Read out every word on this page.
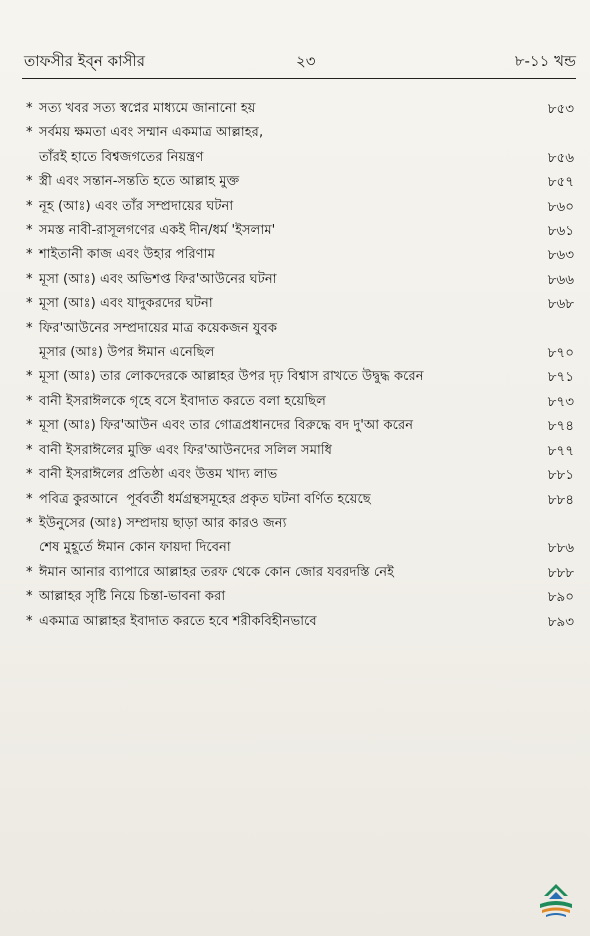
তাফসীর ইব্‌ন কাসীর	২৩	৮-১১ খন্ড
* সত্য খবর সত্য স্বপ্নের মাধ্যমে জানানো হয়	৮৫৩
* সর্বময় ক্ষমতা এবং সম্মান একমাত্র আল্লাহর,
তাঁরই হাতে বিশ্বজগতের নিয়ন্ত্রণ	৮৫৬
* স্ত্রী এবং সন্তান-সন্ততি হতে আল্লাহ মুক্ত	৮৫৭
* নূহ (আঃ) এবং তাঁর সম্প্রদায়ের ঘটনা	৮৬০
* সমস্ত নাবী-রাসূলগণের একই দীন/ধর্ম 'ইসলাম'	৮৬১
* শাইতানী কাজ এবং উহার পরিণাম	৮৬৩
* মূসা (আঃ) এবং অভিশপ্ত ফির'আউনের ঘটনা	৮৬৬
* মূসা (আঃ) এবং যাদুকরদের ঘটনা	৮৬৮
* ফির'আউনের সম্প্রদায়ের মাত্র কয়েকজন যুবক
মূসার (আঃ) উপর ঈমান এনেছিল	৮৭০
* মূসা (আঃ) তার লোকদেরকে আল্লাহর উপর দৃঢ় বিশ্বাস রাখতে উদ্বুদ্ধ করেন	৮৭১
* বানী ইসরাঈলকে গৃহে বসে ইবাদাত করতে বলা হয়েছিল	৮৭৩
* মূসা (আঃ) ফির'আউন এবং তার গোত্রপ্রধানদের বিরুদ্ধে বদ দু'আ করেন	৮৭৪
* বানী ইসরাঈলের মুক্তি এবং ফির'আউনদের সলিল সমাধি	৮৭৭
* বানী ইসরাঈলের প্রতিষ্ঠা এবং উত্তম খাদ্য লাভ	৮৮১
* পবিত্র কুরআনে  পূর্ববর্তী ধর্মগ্রন্থসমূহের প্রকৃত ঘটনা বর্ণিত হয়েছে	৮৮৪
* ইউনুসের (আঃ) সম্প্রদায় ছাড়া আর কারও জন্য
শেষ মুহূর্তে ঈমান কোন ফায়দা দিবেনা	৮৮৬
* ঈমান আনার ব্যাপারে আল্লাহর তরফ থেকে কোন জোর যবরদস্তি নেই	৮৮৮
* আল্লাহর সৃষ্টি নিয়ে চিন্তা-ভাবনা করা	৮৯০
* একমাত্র আল্লাহর ইবাদাত করতে হবে শরীকবিহীনভাবে	৮৯৩
